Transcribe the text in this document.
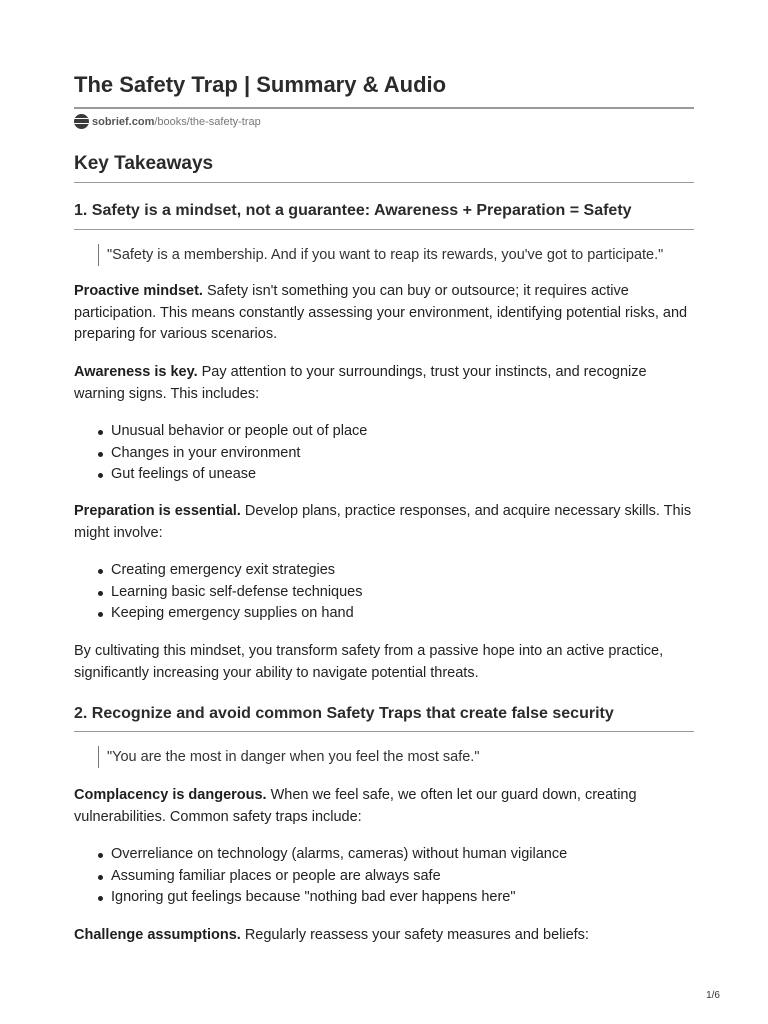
The Safety Trap | Summary & Audio
sobrief.com /books/the-safety-trap
Key Takeaways
1. Safety is a mindset, not a guarantee: Awareness + Preparation = Safety
"Safety is a membership. And if you want to reap its rewards, you've got to participate."

Proactive mindset. Safety isn't something you can buy or outsource; it requires active participation. This means constantly assessing your environment, identifying potential risks, and preparing for various scenarios.

Awareness is key. Pay attention to your surroundings, trust your instincts, and recognize warning signs. This includes:

Unusual behavior or people out of place
Changes in your environment
Gut feelings of unease

Preparation is essential. Develop plans, practice responses, and acquire necessary skills. This might involve:

Creating emergency exit strategies
Learning basic self-defense techniques
Keeping emergency supplies on hand

By cultivating this mindset, you transform safety from a passive hope into an active practice, significantly increasing your ability to navigate potential threats.

2. Recognize and avoid common Safety Traps that create false security
"You are the most in danger when you feel the most safe."

Complacency is dangerous. When we feel safe, we often let our guard down, creating vulnerabilities. Common safety traps include:

Overreliance on technology (alarms, cameras) without human vigilance
Assuming familiar places or people are always safe
Ignoring gut feelings because "nothing bad ever happens here"

Challenge assumptions. Regularly reassess your safety measures and beliefs:

1/6
